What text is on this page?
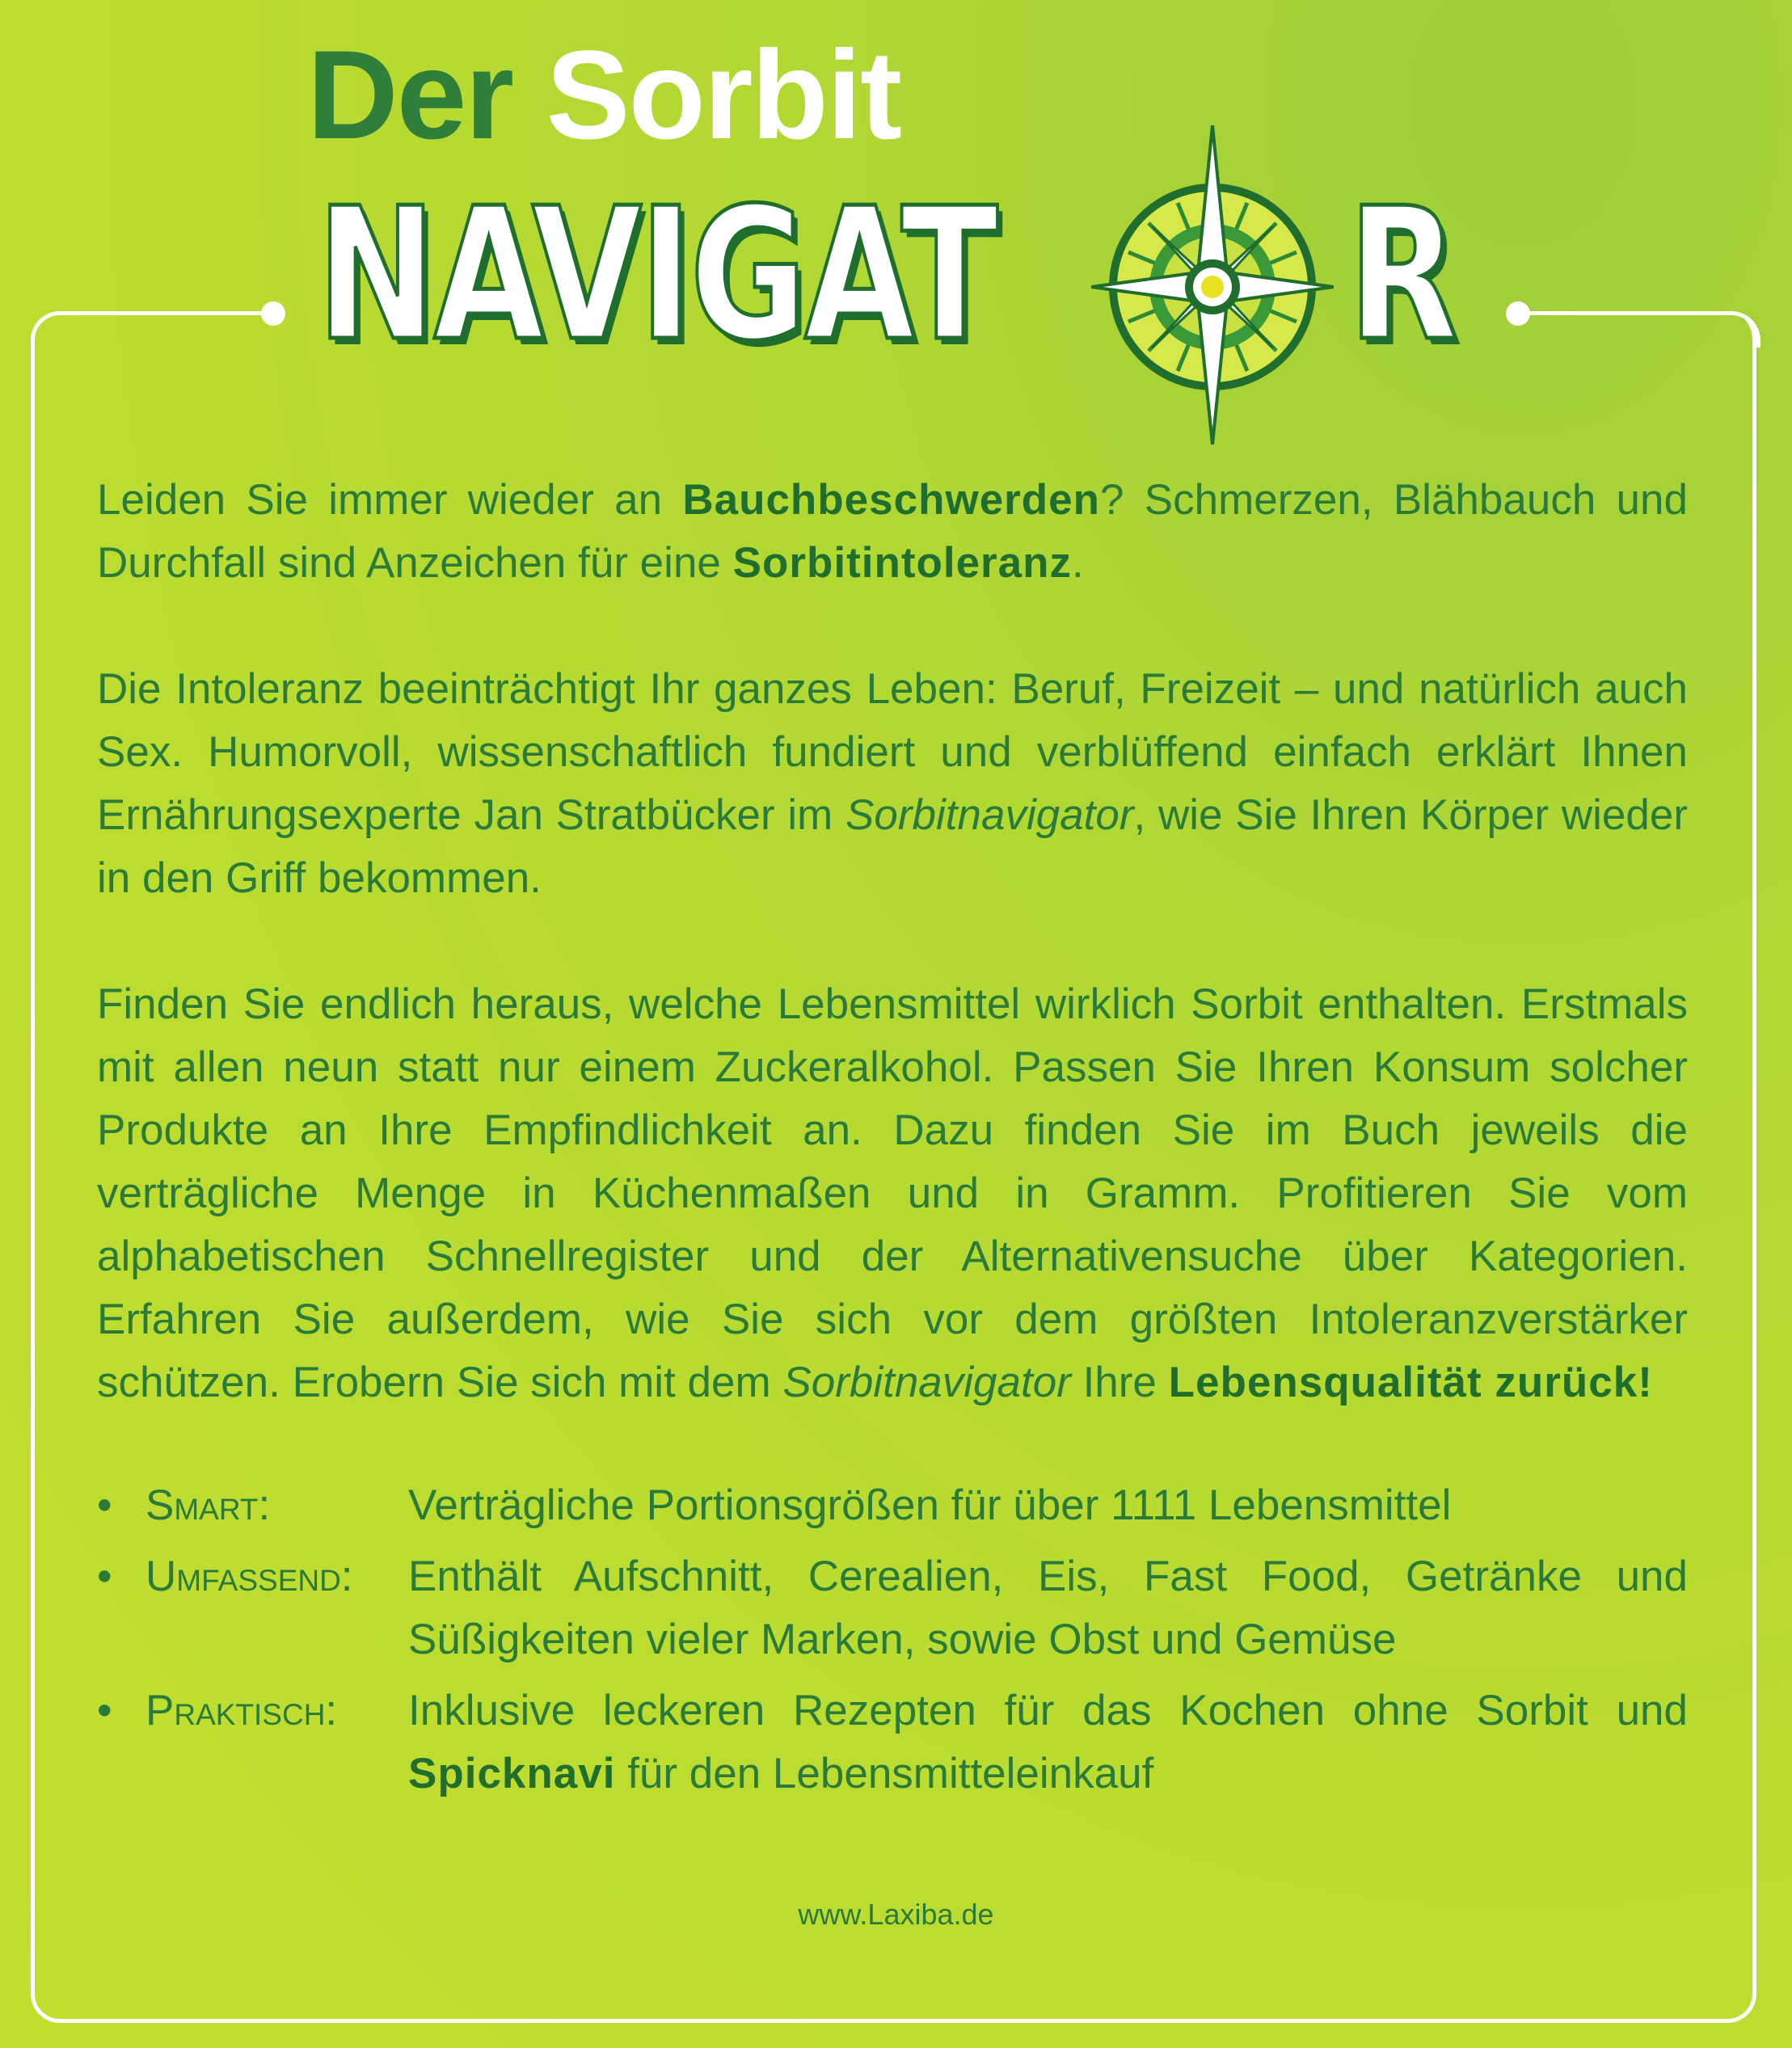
Der Sorbit
NAVIGAT R

Leiden Sie immer wieder an Bauchbeschwerden? Schmerzen, Blähbauch und Durchfall sind Anzeichen für eine Sorbitintoleranz.

Die Intoleranz beeinträchtigt Ihr ganzes Leben: Beruf, Freizeit – und natürlich auch Sex. Humorvoll, wissenschaftlich fundiert und verblüffend einfach erklärt Ihnen Ernährungsexperte Jan Stratbücker im Sorbitnavigator, wie Sie Ihren Körper wieder in den Griff bekommen.

Finden Sie endlich heraus, welche Lebensmittel wirklich Sorbit enthalten. Erstmals mit allen neun statt nur einem Zuckeralkohol. Passen Sie Ihren Konsum solcher Produkte an Ihre Empfindlichkeit an. Dazu finden Sie im Buch jeweils die verträgliche Menge in Küchenmaßen und in Gramm. Profitieren Sie vom alphabetischen Schnellregister und der Alternativensuche über Kategorien. Erfahren Sie außerdem, wie Sie sich vor dem größten Intoleranzverstärker schützen. Erobern Sie sich mit dem Sorbitnavigator Ihre Lebensqualität zurück!

• Smart:	Verträgliche Portionsgrößen für über 1111 Lebensmittel
• Umfassend:	Enthält Aufschnitt, Cerealien, Eis, Fast Food, Getränke und Süßigkeiten vieler Marken, sowie Obst und Gemüse
• Praktisch:	Inklusive leckeren Rezepten für das Kochen ohne Sorbit und Spicknavi für den Lebensmitteleinkauf
www.Laxiba.de
